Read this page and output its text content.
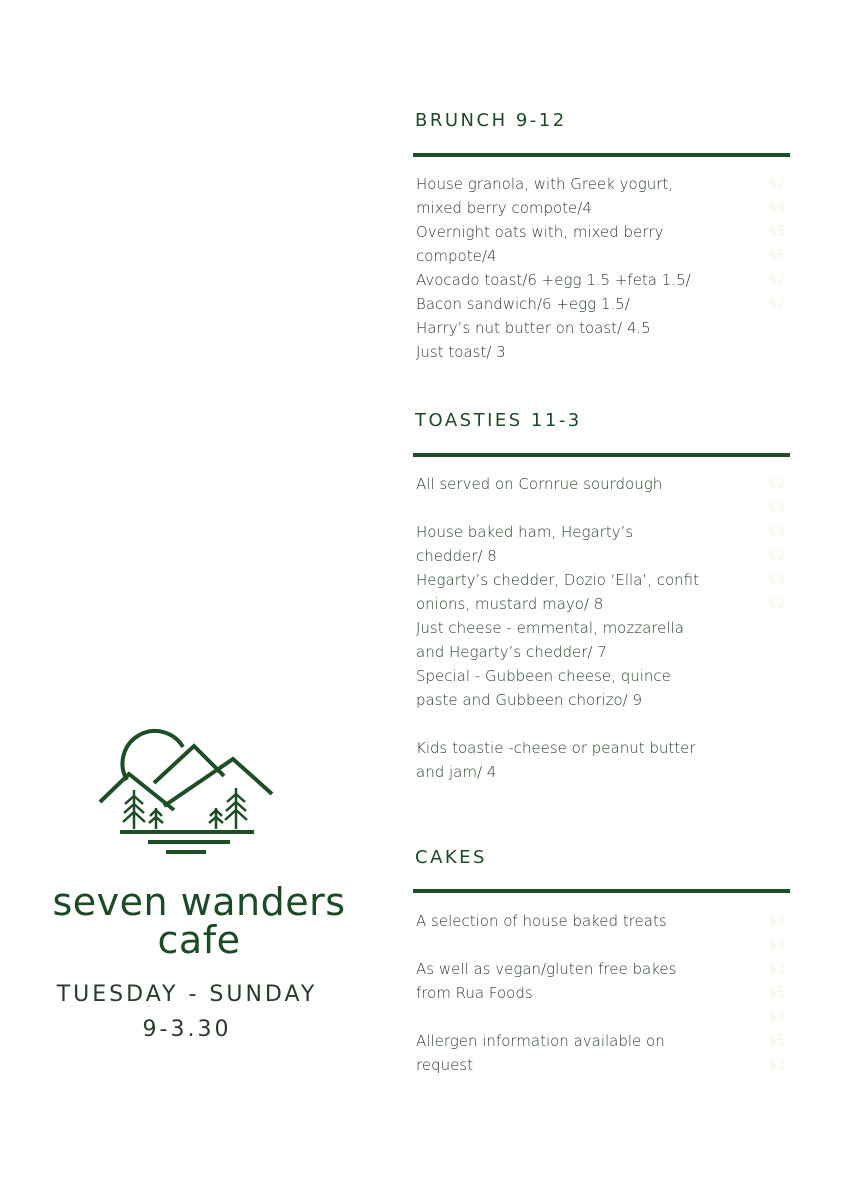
BRUNCH 9-12
House granola, with Greek yogurt,
mixed berry compote/4
Overnight oats with, mixed berry
compote/4
Avocado toast/6 +egg 1.5 +feta 1.5/
Bacon sandwich/6 +egg 1.5/
Harry’s nut butter on toast/ 4.5
Just toast/ 3
$7
$4
$5
$6
$7
$7
TOASTIES 11-3
All served on Cornrue sourdough
House baked ham, Hegarty’s
chedder/ 8
Hegarty’s chedder, Dozio ‘Ella’, confit
onions, mustard mayo/ 8
Just cheese - emmental, mozzarella
and Hegarty’s chedder/ 7
Special - Gubbeen cheese, quince
paste and Gubbeen chorizo/ 9
Kids toastie -cheese or peanut butter
and jam/ 4
$2
$3
$3
$2
$3
$2
CAKES
A selection of house baked treats
As well as vegan/gluten free bakes
from Rua Foods
Allergen information available on
request
$4
$4
$3
$5
$4
$5
$3
seven wanders
cafe
TUESDAY - SUNDAY
9-3.30
